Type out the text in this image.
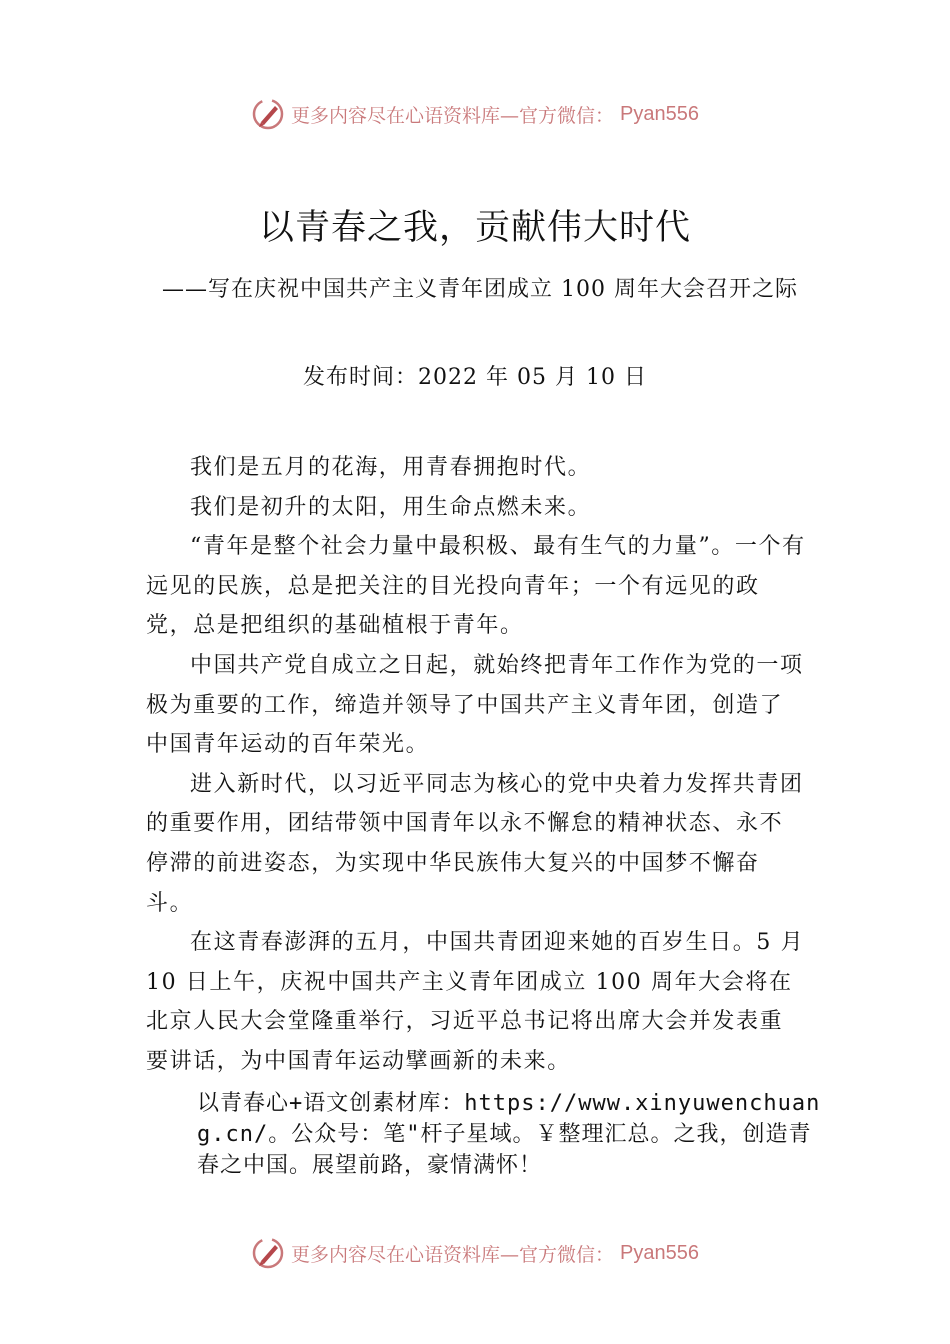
更多内容尽在心语资料库—官方微信： Pyan556
以青春之我，贡献伟大时代
——写在庆祝中国共产主义青年团成立 100 周年大会召开之际
发布时间：2022 年 05 月 10 日

我们是五月的花海，用青春拥抱时代。

我们是初升的太阳，用生命点燃未来。

“青年是整个社会力量中最积极、最有生气的力量”。一个有远见的民族，总是把关注的目光投向青年；一个有远见的政党，总是把组织的基础植根于青年。

中国共产党自成立之日起，就始终把青年工作作为党的一项极为重要的工作，缔造并领导了中国共产主义青年团，创造了中国青年运动的百年荣光。

进入新时代，以习近平同志为核心的党中央着力发挥共青团的重要作用，团结带领中国青年以永不懈怠的精神状态、永不停滞的前进姿态，为实现中华民族伟大复兴的中国梦不懈奋斗。

在这青春澎湃的五月，中国共青团迎来她的百岁生日。5 月 10 日上午，庆祝中国共产主义青年团成立 100 周年大会将在北京人民大会堂隆重举行，习近平总书记将出席大会并发表重要讲话，为中国青年运动擘画新的未来。

以青春心+语文创素材库：https://www.xinyuwenchuang.cn/。公众号：笔"杆子星域。￥整理汇总。之我，创造青春之中国。展望前路，豪情满怀！
更多内容尽在心语资料库—官方微信： Pyan556
